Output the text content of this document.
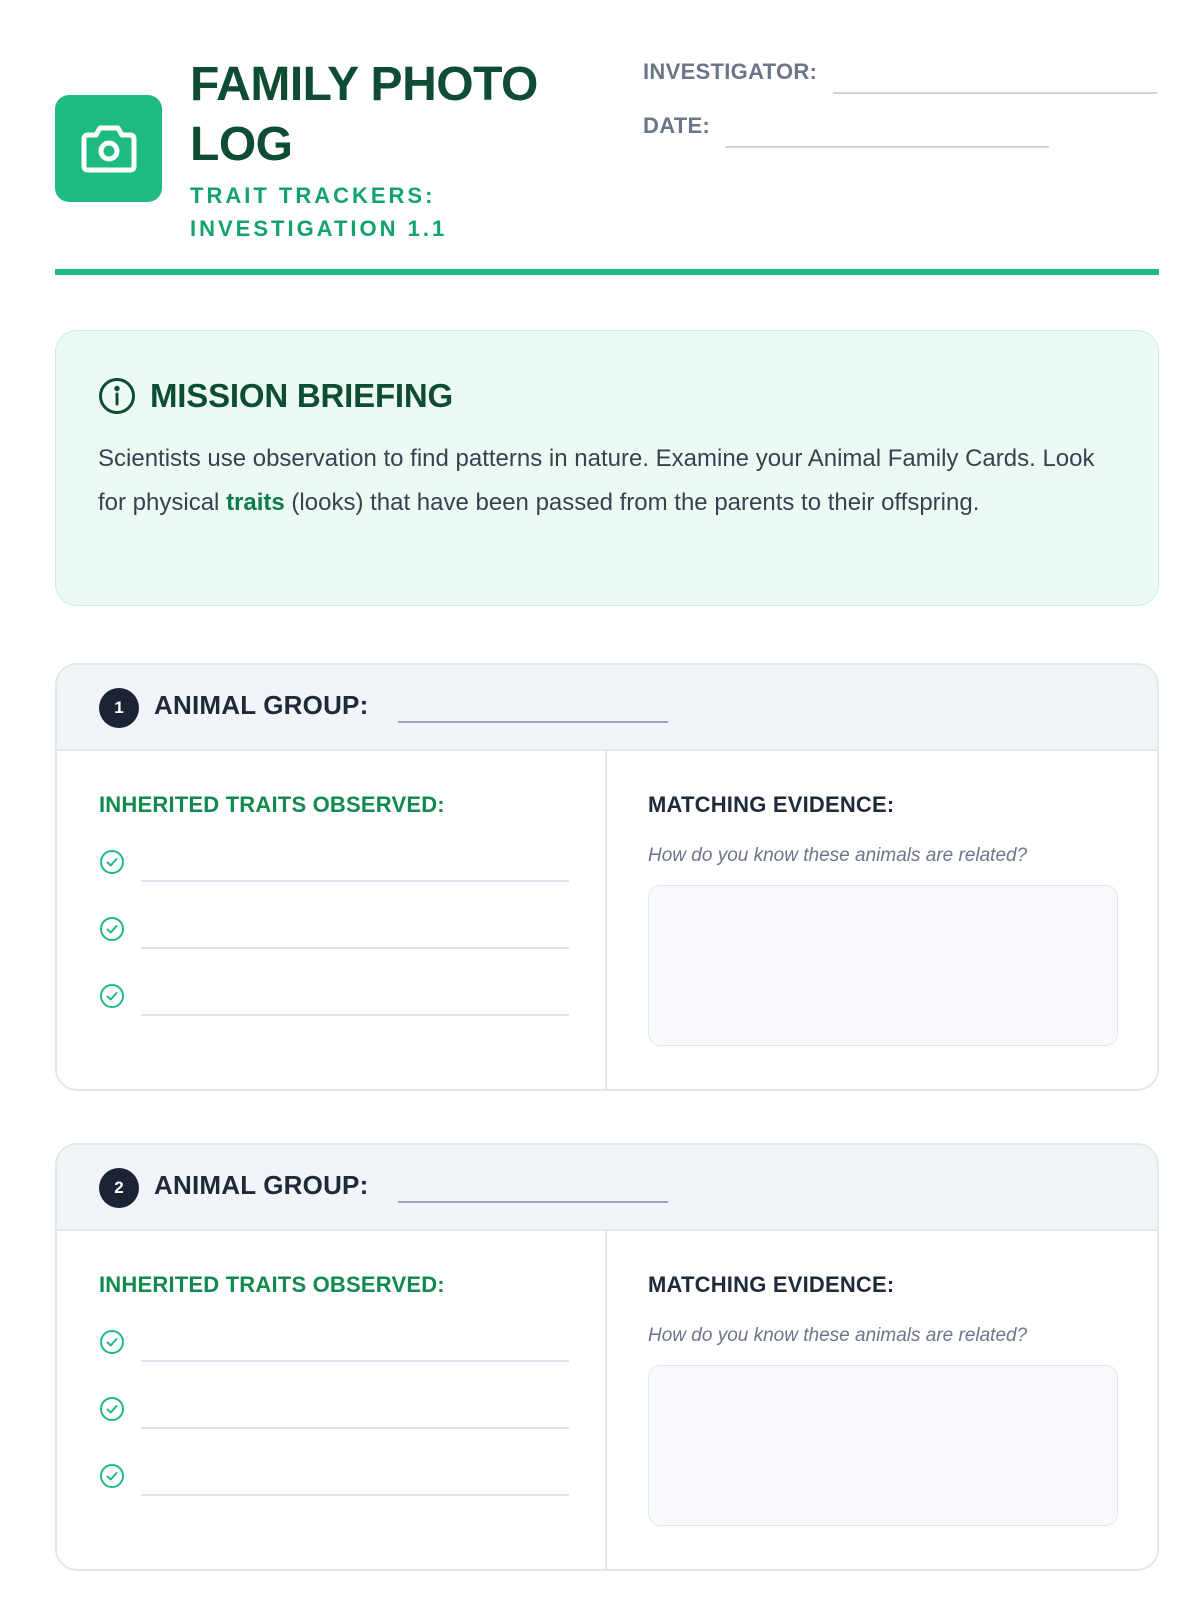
FAMILY PHOTO LOG
TRAIT TRACKERS: INVESTIGATION 1.1
INVESTIGATOR:
DATE:
MISSION BRIEFING

Scientists use observation to find patterns in nature. Examine your Animal Family Cards. Look for physical traits (looks) that have been passed from the parents to their offspring.

1	ANIMAL GROUP:
INHERITED TRAITS OBSERVED:	MATCHING EVIDENCE:
How do you know these animals are related?
2	ANIMAL GROUP:
INHERITED TRAITS OBSERVED:	MATCHING EVIDENCE:
How do you know these animals are related?
